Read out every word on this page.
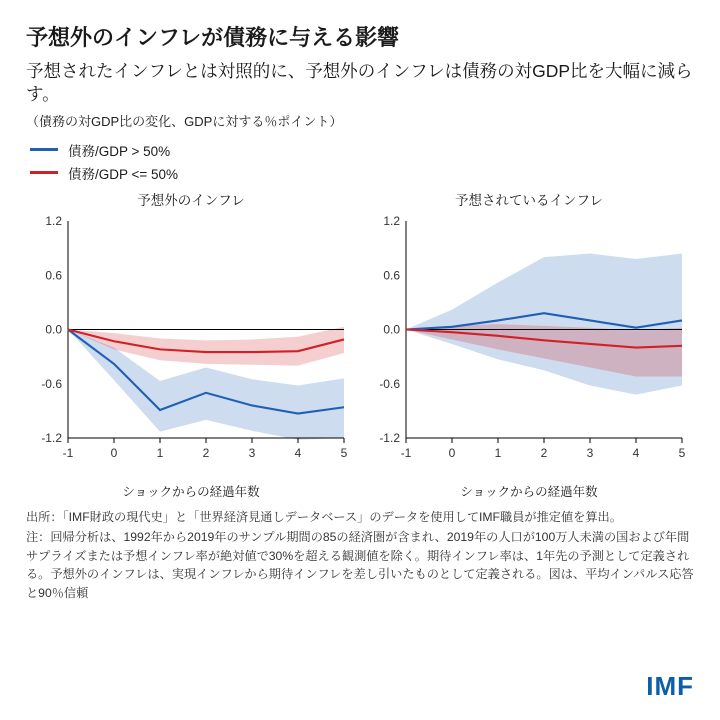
予想外のインフレが債務に与える影響
予想されたインフレとは対照的に、予想外のインフレは債務の対GDP比を大幅に減らす。
（債務の対GDP比の変化、GDPに対する％ポイント）
債務/GDP > 50%
債務/GDP <= 50%
予想外のインフレ
-1.2
-0.6
0.0
0.6
1.2
-1	0	1	2	3	4	5
ショックからの経過年数
予想されているインフレ
-1.2
-0.6
0.0
0.6
1.2
-1	0	1	2	3	4	5
ショックからの経過年数

出所：「IMF財政の現代史」と「世界経済見通しデータベース」のデータを使用してIMF職員が推定値を算出。

注：回帰分析は、1992年から2019年のサンプル期間の85の経済圏が含まれ、2019年の人口が100万人未満の国および年間サプライズまたは予想インフレ率が絶対値で30%を超える観測値を除く。期待インフレ率は、1年先の予測として定義される。予想外のインフレは、実現インフレから期待インフレを差し引いたものとして定義される。図は、平均インパルス応答と90％信頼

IMF
